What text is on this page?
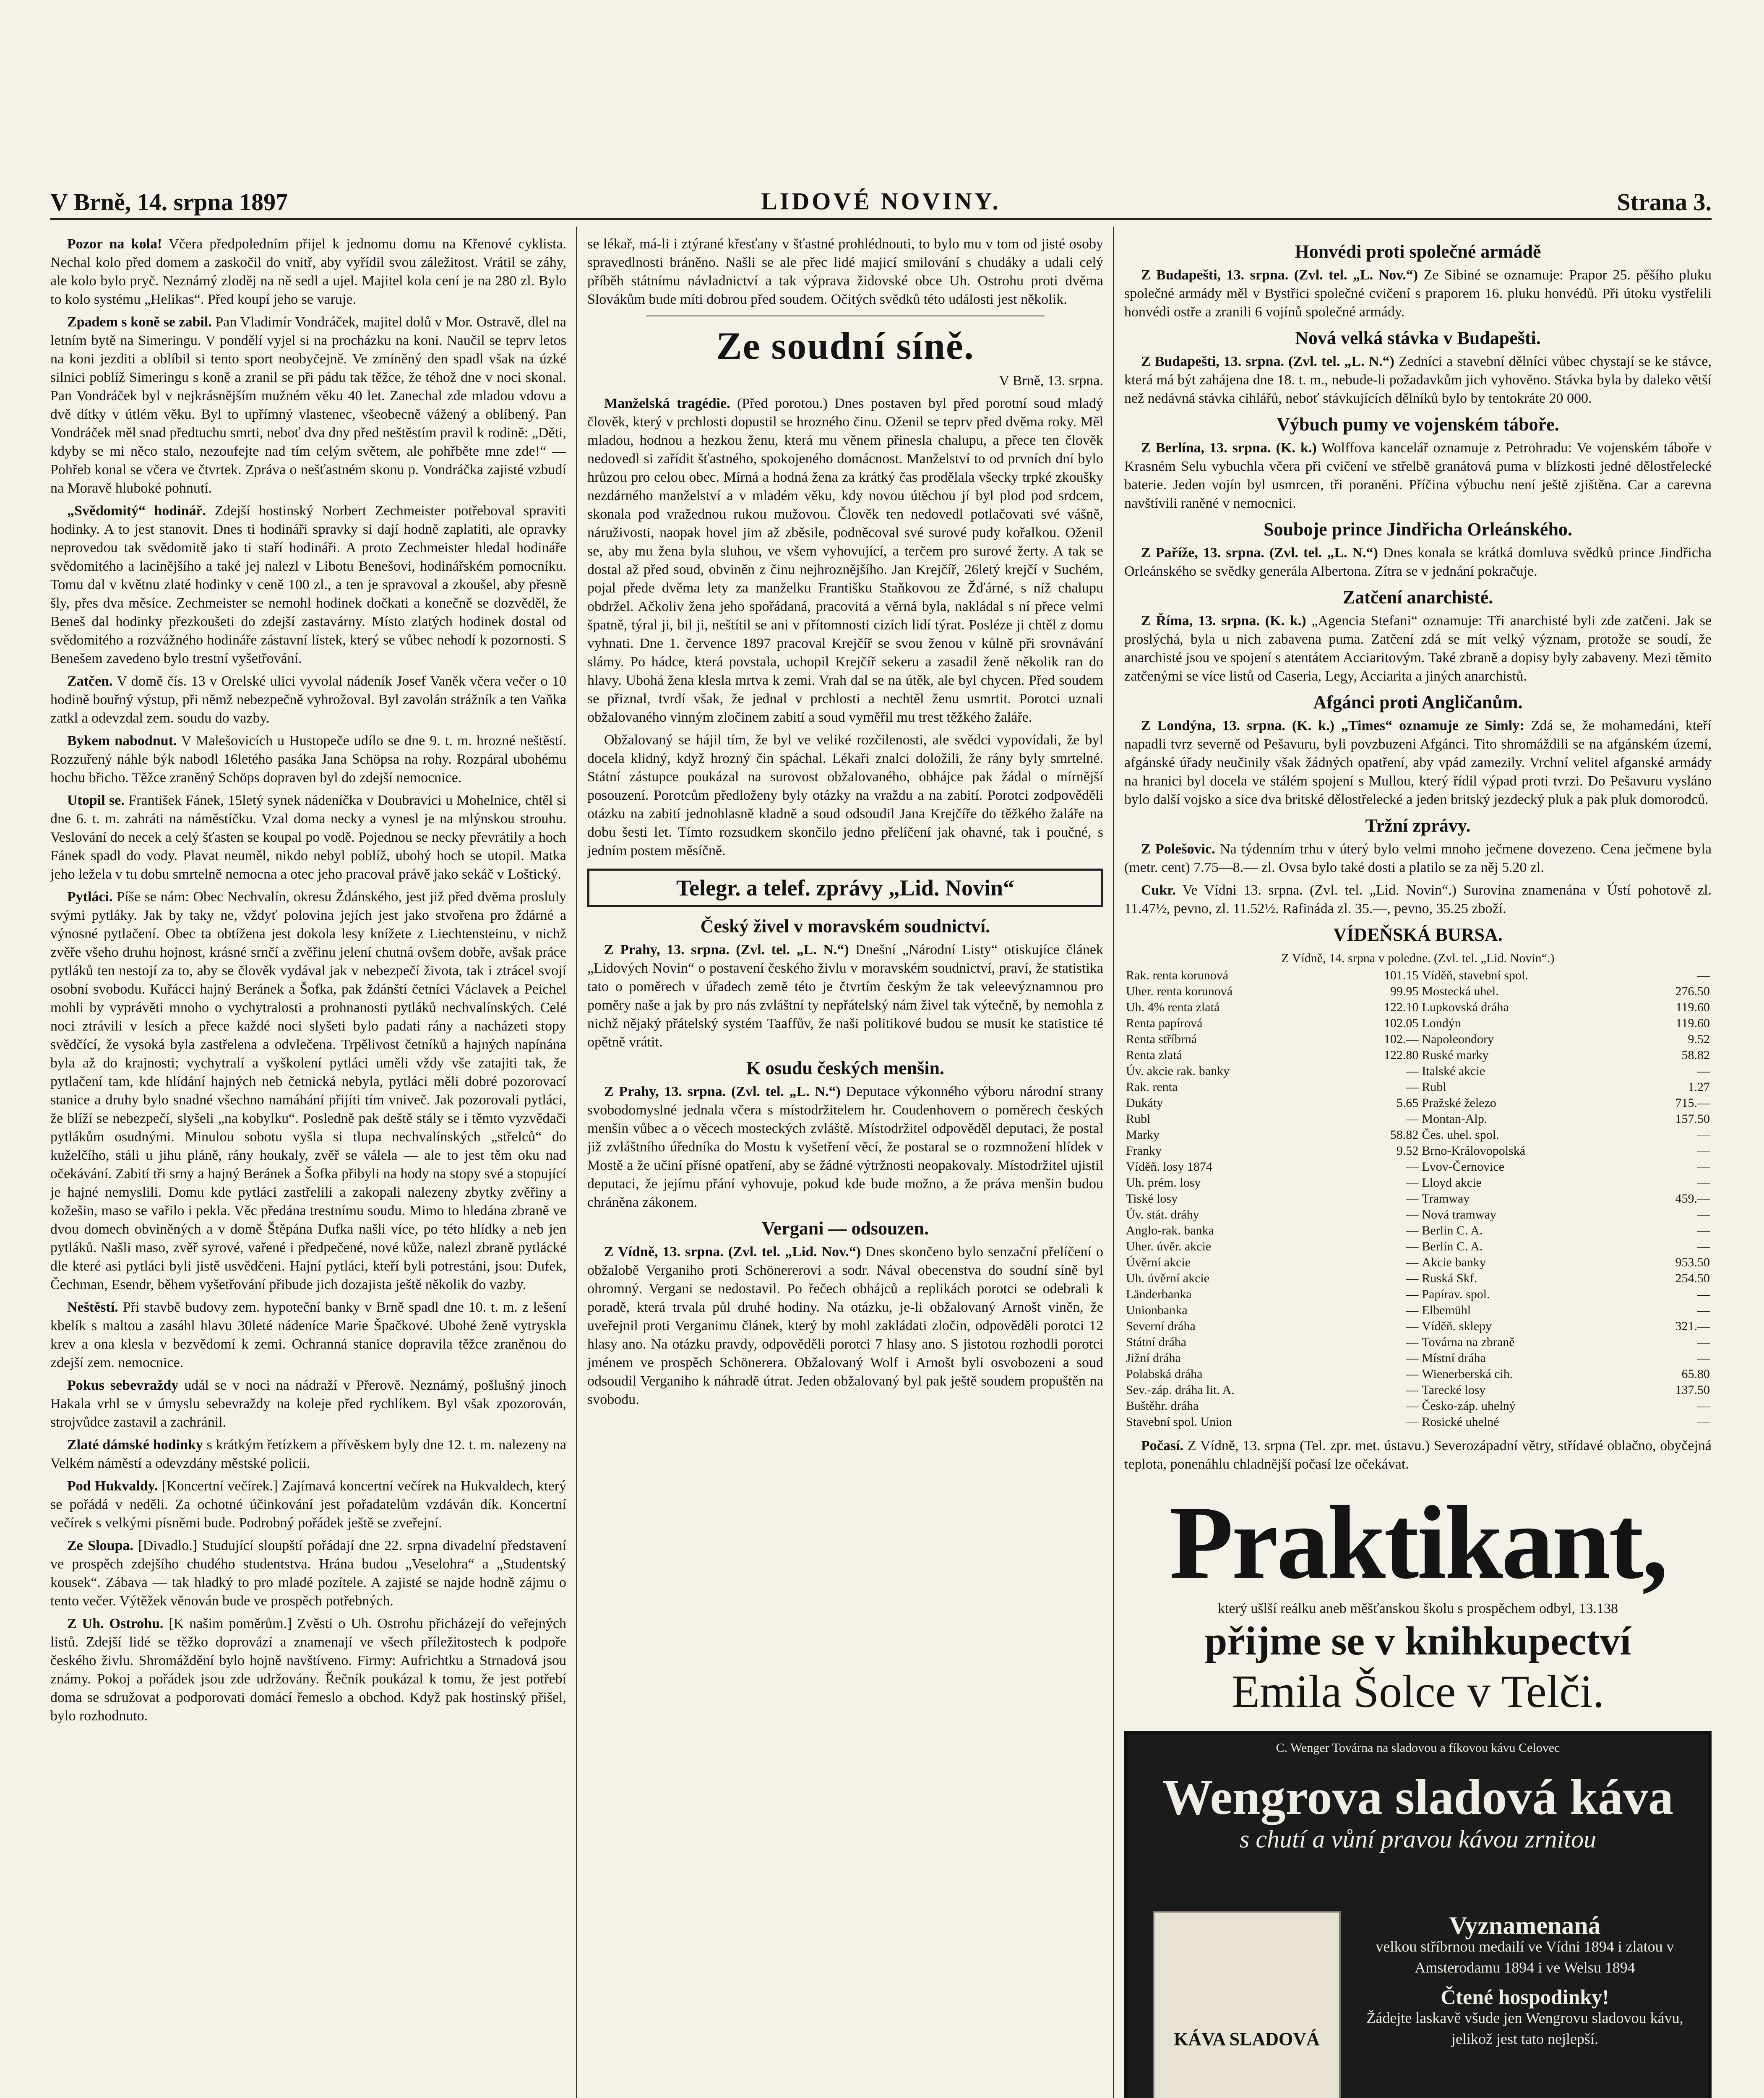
V Brně, 14. srpna 1897	LIDOVÉ NOVINY.	Strana 3.

Pozor na kola! Včera předpoledním přijel k jednomu domu na Křenové cyklista. Nechal kolo před domem a zaskočil do vnitř, aby vyřídil svou záležitost. Vrátil se záhy, ale kolo bylo pryč. Neznámý zloděj na ně sedl a ujel. Majitel kola cení je na 280 zl. Bylo to kolo systému „Helikas“. Před koupí jeho se varuje.

Zpadem s koně se zabil. Pan Vladimír Vondráček, majitel dolů v Mor. Ostravě, dlel na letním bytě na Simeringu. V pondělí vyjel si na procházku na koni. Naučil se teprv letos na koni jezditi a oblíbil si tento sport neobyčejně. Ve zmíněný den spadl však na úzké silnici poblíž Simeringu s koně a zranil se při pádu tak těžce, že téhož dne v noci skonal. Pan Vondráček byl v nejkrásnějším mužném věku 40 let. Zanechal zde mladou vdovu a dvě dítky v útlém věku. Byl to upřímný vlastenec, všeobecně vážený a oblíbený. Pan Vondráček měl snad předtuchu smrti, neboť dva dny před neštěstím pravil k rodině: „Děti, kdyby se mi něco stalo, nezoufejte nad tím celým světem, ale pohřběte mne zde!“ — Pohřeb konal se včera ve čtvrtek. Zpráva o nešťastném skonu p. Vondráčka zajisté vzbudí na Moravě hluboké pohnutí.

„Svědomitý“ hodinář. Zdejší hostinský Norbert Zechmeister potřeboval spraviti hodinky. A to jest stanovit. Dnes ti hodináři spravky si dají hodně zaplatiti, ale opravky neprovedou tak svědomitě jako ti staří hodináři. A proto Zechmeister hledal hodináře svědomitého a lacinějšího a také jej nalezl v Libotu Benešovi, hodinářském pomocníku. Tomu dal v květnu zlaté hodinky v ceně 100 zl., a ten je spravoval a zkoušel, aby přesně šly, přes dva měsíce. Zechmeister se nemohl hodinek dočkati a konečně se dozvěděl, že Beneš dal hodinky přezkoušeti do zdejší zastavárny. Místo zlatých hodinek dostal od svědomitého a rozvážného hodináře zástavní lístek, který se vůbec nehodí k pozornosti. S Benešem zavedeno bylo trestní vyšetřování.

Zatčen. V domě čís. 13 v Orelské ulici vyvolal nádeník Josef Vaněk včera večer o 10 hodině bouřný výstup, při němž nebezpečně vyhrožoval. Byl zavolán strážník a ten Vaňka zatkl a odevzdal zem. soudu do vazby.

Bykem nabodnut. V Malešovicích u Hustopeče udílo se dne 9. t. m. hrozné neštěstí. Rozzuřený náhle býk nabodl 16letého pasáka Jana Schöpsa na rohy. Rozpáral ubohému hochu břicho. Těžce zraněný Schöps dopraven byl do zdejší nemocnice.

Utopil se. František Fánek, 15letý synek nádeníčka v Doubravici u Mohelnice, chtěl si dne 6. t. m. zahráti na náměstíčku. Vzal doma necky a vynesl je na mlýnskou strouhu. Veslování do necek a celý šťasten se koupal po vodě. Pojednou se necky převrátily a hoch Fánek spadl do vody. Plavat neuměl, nikdo nebyl poblíž, ubohý hoch se utopil. Matka jeho ležela v tu dobu smrtelně nemocna a otec jeho pracoval právě jako sekáč v Loštický.

Pytláci. Píše se nám: Obec Nechvalín, okresu Ždánského, jest již před dvěma prosluly svými pytláky. Jak by taky ne, vždyť polovina jejích jest jako stvořena pro ždárné a výnosné pytlačení. Obec ta obtížena jest dokola lesy knížete z Liechtensteinu, v nichž zvěře všeho druhu hojnost, krásné srnčí a zvěřinu jelení chutná ovšem dobře, avšak práce pytláků ten nestojí za to, aby se člověk vydával jak v nebezpečí života, tak i ztrácel svojí osobní svobodu. Kuřácci hajný Beránek a Šofka, pak ždánští četníci Václavek a Peichel mohli by vyprávěti mnoho o vychytralosti a prohnanosti pytláků nechvalínských. Celé noci ztrávili v lesích a přece každé noci slyšeti bylo padati rány a nacházeti stopy svědčící, že vysoká byla zastřelena a odvlečena. Trpělivost četníků a hajných napínána byla až do krajnosti; vychytralí a vyškolení pytláci uměli vždy vše zatajiti tak, že pytlačení tam, kde hlídání hajných neb četnická nebyla, pytláci měli dobré pozorovací stanice a druhy bylo snadné všechno namáhání přijíti tím vniveč. Jak pozorovali pytláci, že blíží se nebezpečí, slyšeli „na kobylku“. Posledně pak deště stály se i těmto vyzvědači pytlákům osudnými. Minulou sobotu vyšla si tlupa nechvalínských „střelců“ do kuželčího, stáli u jihu pláně, rány houkaly, zvěř se válela — ale to jest těm oku nad očekávání. Zabití tři srny a hajný Beránek a Šofka přibyli na hody na stopy své a stopující je hajné nemyslili. Domu kde pytláci zastřelili a zakopali nalezeny zbytky zvěřiny a kožešin, maso se vařilo i pekla. Věc předána trestnímu soudu. Mimo to hledána zbraně ve dvou domech obviněných a v domě Štěpána Dufka našli více, po této hlídky a neb jen pytláků. Našli maso, zvěř syrové, vařené i předpečené, nové kůže, nalezl zbraně pytlácké dle které asi pytláci byli jistě usvědčeni. Hajní pytláci, kteří byli potrestáni, jsou: Dufek, Čechman, Esendr, během vyšetřování přibude jich dozajista ještě několik do vazby.

Neštěstí. Při stavbě budovy zem. hypoteční banky v Brně spadl dne 10. t. m. z lešení kbelík s maltou a zasáhl hlavu 30leté nádeníce Marie Špačkové. Ubohé ženě vytryskla krev a ona klesla v bezvědomí k zemi. Ochranná stanice dopravila těžce zraněnou do zdejší zem. nemocnice.

Pokus sebevraždy udál se v noci na nádraží v Přerově. Neznámý, pošlušný jinoch Hakala vrhl se v úmyslu sebevraždy na koleje před rychlíkem. Byl však zpozorován, strojvůdce zastavil a zachránil.

Zlaté dámské hodinky s krátkým řetízkem a přívěskem byly dne 12. t. m. nalezeny na Velkém náměstí a odevzdány městské policii.

Pod Hukvaldy. [Koncertní večírek.] Zajímavá koncertní večírek na Hukvaldech, který se pořádá v neděli. Za ochotné účinkování jest pořadatelům vzdáván dík. Koncertní večírek s velkými písněmi bude. Podrobný pořádek ještě se zveřejní.

Ze Sloupa. [Divadlo.] Studující sloupští pořádají dne 22. srpna divadelní představení ve prospěch zdejšího chudého studentstva. Hrána budou „Veselohra“ a „Studentský kousek“. Zábava — tak hladký to pro mladé pozítele. A zajisté se najde hodně zájmu o tento večer. Výtěžek věnován bude ve prospěch potřebných.

Z Uh. Ostrohu. [K našim poměrům.] Zvěsti o Uh. Ostrohu přicházejí do veřejných listů. Zdejší lidé se těžko doprovází a znamenají ve všech příležitostech k podpoře českého živlu. Shromáždění bylo hojně navštíveno. Firmy: Aufrichtku a Strnadová jsou známy. Pokoj a pořádek jsou zde udržovány. Řečník poukázal k tomu, že jest potřebí doma se sdružovat a podporovati domácí řemeslo a obchod. Když pak hostinský přišel, bylo rozhodnuto.

se lékař, má-li i ztýrané křesťany v šťastné prohlédnouti, to bylo mu v tom od jisté osoby spravedlnosti bráněno. Našli se ale přec lidé majicí smilování s chudáky a udali celý příběh státnímu návladnictví a tak výprava židovské obce Uh. Ostrohu proti dvěma Slovákům bude míti dobrou před soudem. Očitých svědků této události jest několik.

Ze soudní síně.
V Brně, 13. srpna.

Manželská tragédie. (Před porotou.) Dnes postaven byl před porotní soud mladý člověk, který v prchlosti dopustil se hrozného činu. Oženil se teprv před dvěma roky. Měl mladou, hodnou a hezkou ženu, která mu věnem přinesla chalupu, a přece ten člověk nedovedl si zařídit šťastného, spokojeného domácnost. Manželství to od prvních dní bylo hrůzou pro celou obec. Mírná a hodná žena za krátký čas prodělala všecky trpké zkoušky nezdárného manželství a v mladém věku, kdy novou útěchou jí byl plod pod srdcem, skonala pod vražednou rukou mužovou. Člověk ten nedovedl potlačovati své vášně, náruživosti, naopak hovel jim až zběsile, podněcoval své surové pudy kořalkou. Oženil se, aby mu žena byla sluhou, ve všem vyhovující, a terčem pro surové žerty. A tak se dostal až před soud, obviněn z činu nejhroznějšího. Jan Krejčíř, 26letý krejčí v Suchém, pojal přede dvěma lety za manželku Františku Staňkovou ze Žďárné, s níž chalupu obdržel. Ačkoliv žena jeho spořádaná, pracovitá a věrná byla, nakládal s ní přece velmi špatně, týral ji, bil ji, neštítil se ani v přítomnosti cizích lidí týrat. Posléze ji chtěl z domu vyhnati. Dne 1. července 1897 pracoval Krejčíř se svou ženou v kůlně při srovnávání slámy. Po hádce, která povstala, uchopil Krejčíř sekeru a zasadil ženě několik ran do hlavy. Ubohá žena klesla mrtva k zemi. Vrah dal se na útěk, ale byl chycen. Před soudem se přiznal, tvrdí však, že jednal v prchlosti a nechtěl ženu usmrtit. Porotci uznali obžalovaného vinným zločinem zabití a soud vyměřil mu trest těžkého žaláře.

Obžalovaný se hájil tím, že byl ve veliké rozčilenosti, ale svědci vypovídali, že byl docela klidný, když hrozný čin spáchal. Lékaři znalci doložili, že rány byly smrtelné. Státní zástupce poukázal na surovost obžalovaného, obhájce pak žádal o mírnější posouzení. Porotcům předloženy byly otázky na vraždu a na zabití. Porotci zodpověděli otázku na zabití jednohlasně kladně a soud odsoudil Jana Krejčíře do těžkého žaláře na dobu šesti let. Tímto rozsudkem skončilo jedno přelíčení jak ohavné, tak i poučné, s jedním postem měsíčně.

Telegr. a telef. zprávy „Lid. Novin“
Český živel v moravském soudnictví.

Z Prahy, 13. srpna. (Zvl. tel. „L. N.“) Dnešní „Národní Listy“ otiskujíce článek „Lidových Novin“ o postavení českého živlu v moravském soudnictví, praví, že statistika tato o poměrech v úřadech země této je čtvrtím českým že tak veleevýznamnou pro poměry naše a jak by pro nás zvláštní ty nepřátelský nám živel tak výtečně, by nemohla z nichž nějaký přátelský systém Taaffův, že naši politikové budou se musit ke statistice té opětně vrátit.

K osudu českých menšin.

Z Prahy, 13. srpna. (Zvl. tel. „L. N.“) Deputace výkonného výboru národní strany svobodomyslné jednala včera s místodržitelem hr. Coudenhovem o poměrech českých menšin vůbec a o věcech mosteckých zvláště. Místodržitel odpověděl deputaci, že postal již zvláštního úředníka do Mostu k vyšetření věcí, že postaral se o rozmnožení hlídek v Mostě a že učiní přísné opatření, aby se žádné výtržnosti neopakovaly. Místodržitel ujistil deputaci, že jejímu přání vyhovuje, pokud kde bude možno, a že práva menšin budou chráněna zákonem.

Vergani — odsouzen.

Z Vídně, 13. srpna. (Zvl. tel. „Lid. Nov.“) Dnes skončeno bylo senzační přelíčení o obžalobě Verganiho proti Schönererovi a sodr. Nával obecenstva do soudní síně byl ohromný. Vergani se nedostavil. Po řečech obhájců a replikách porotci se odebrali k poradě, která trvala půl druhé hodiny. Na otázku, je-li obžalovaný Arnošt viněn, že uveřejnil proti Verganimu článek, který by mohl zakládati zločin, odpověděli porotci 12 hlasy ano. Na otázku pravdy, odpověděli porotci 7 hlasy ano. S jistotou rozhodli porotci jménem ve prospěch Schönerera. Obžalovaný Wolf i Arnošt byli osvobozeni a soud odsoudil Verganiho k náhradě útrat. Jeden obžalovaný byl pak ještě soudem propuštěn na svobodu.

Honvédi proti společné armádě

Z Budapešti, 13. srpna. (Zvl. tel. „L. Nov.“) Ze Sibiné se oznamuje: Prapor 25. pěšího pluku společné armády měl v Bystřici společné cvičení s praporem 16. pluku honvédů. Při útoku vystřelili honvédi ostře a zranili 6 vojínů společné armády.

Nová velká stávka v Budapešti.

Z Budapešti, 13. srpna. (Zvl. tel. „L. N.“) Zedníci a stavební dělníci vůbec chystají se ke stávce, která má být zahájena dne 18. t. m., nebude-li požadavkům jich vyhověno. Stávka byla by daleko větší než nedávná stávka cihlářů, neboť stávkujících dělníků bylo by tentokráte 20 000.

Výbuch pumy ve vojenském táboře.

Z Berlína, 13. srpna. (K. k.) Wolffova kancelář oznamuje z Petrohradu: Ve vojenském táboře v Krasném Selu vybuchla včera při cvičení ve střelbě granátová puma v blízkosti jedné dělostřelecké baterie. Jeden vojín byl usmrcen, tři poraněni. Příčina výbuchu není ještě zjištěna. Car a carevna navštívili raněné v nemocnici.

Souboje prince Jindřicha Orleánského.

Z Paříže, 13. srpna. (Zvl. tel. „L. N.“) Dnes konala se krátká domluva svědků prince Jindřicha Orleánského se svědky generála Albertona. Zítra se v jednání pokračuje.

Zatčení anarchisté.

Z Říma, 13. srpna. (K. k.) „Agencia Stefani“ oznamuje: Tři anarchisté byli zde zatčeni. Jak se proslýchá, byla u nich zabavena puma. Zatčení zdá se mít velký význam, protože se soudí, že anarchisté jsou ve spojení s atentátem Acciaritovým. Také zbraně a dopisy byly zabaveny. Mezi těmito zatčenými se více listů od Caseria, Legy, Acciarita a jiných anarchistů.

Afgánci proti Angličanům.

Z Londýna, 13. srpna. (K. k.) „Times“ oznamuje ze Simly: Zdá se, že mohamedáni, kteří napadli tvrz severně od Pešavuru, byli povzbuzeni Afgánci. Tito shromáždili se na afgánském území, afgánské úřady neučinily však žádných opatření, aby vpád zamezily. Vrchní velitel afganské armády na hranici byl docela ve stálém spojení s Mullou, který řídil výpad proti tvrzi. Do Pešavuru vysláno bylo další vojsko a sice dva britské dělostřelecké a jeden britský jezdecký pluk a pak pluk domorodců.

Tržní zprávy.

Z Polešovic. Na týdenním trhu v úterý bylo velmi mnoho ječmene dovezeno. Cena ječmene byla (metr. cent) 7.75—8.— zl. Ovsa bylo také dosti a platilo se za něj 5.20 zl.

Cukr. Ve Vídni 13. srpna. (Zvl. tel. „Lid. Novin“.) Surovina znamenána v Ústí pohotově zl. 11.47½, pevno, zl. 11.52½. Rafináda zl. 35.—, pevno, 35.25 zboží.

VÍDEŇSKÁ BURSA.
Z Vídně, 14. srpna v poledne. (Zvl. tel. „Lid. Novin“.)
Rak. renta korunová	101.15	Víděň, stavební spol.	—
Uher. renta korunová	99.95	Mostecká uhel.	276.50
Uh. 4% renta zlatá	122.10	Lupkovská dráha	119.60
Renta papírová	102.05	Londýn	119.60
Renta stříbrná	102.—	Napoleondory	9.52
Renta zlatá	122.80	Ruské marky	58.82
Úv. akcie rak. banky	—	Italské akcie	—
Rak. renta	—	Rubl	1.27
Dukáty	5.65	Pražské železo	715.—
Rubl	—	Montan-Alp.	157.50
Marky	58.82	Čes. uhel. spol.	—
Franky	9.52	Brno-Královopolská	—
Víděň. losy 1874	—	Lvov-Černovice	—
Uh. prém. losy	—	Lloyd akcie	—
Tiské losy	—	Tramway	459.—
Úv. stát. dráhy	—	Nová tramway	—
Anglo-rak. banka	—	Berlin C. A.	—
Uher. úvěr. akcie	—	Berlín C. A.	—
Úvěrní akcie	—	Akcie banky	953.50
Uh. úvěrní akcie	—	Ruská Skf.	254.50
Länderbanka	—	Papírav. spol.	—
Unionbanka	—	Elbemühl	—
Severní dráha	—	Víděň. sklepy	321.—
Státní dráha	—	Továrna na zbraně	—
Jižní dráha	—	Místní dráha	—
Polabská dráha	—	Wienerberská cih.	65.80
Sev.-záp. dráha lit. A.	—	Tarecké losy	137.50
Buštěhr. dráha	—	Česko-záp. uhelný	—
Stavební spol. Union	—	Rosické uhelné	—

Počasí. Z Vídně, 13. srpna (Tel. zpr. met. ústavu.) Severozápadní větry, střídavé oblačno, obyčejná teplota, ponenáhlu chladnější počasí lze očekávat.

Praktikant,
který ušlší reálku aneb měšťanskou školu s prospěchem odbyl, 13.138
přijme se v knihkupectví
Emila Šolce v Telči.
C. Wenger Továrna na sladovou a fíkovou kávu Celovec
Wengrova sladová káva
s chutí a vůní pravou kávou zrnitou
KÁVA SLADOVÁ
Vyznamenaná
velkou stříbrnou medailí ve Vídni 1894 i zlatou v Amsterodamu 1894 i ve Welsu 1894
Čtené hospodinky!
Žádejte laskavě všude jen Wengrovu sladovou kávu, jelikož jest tato nejlepší.
